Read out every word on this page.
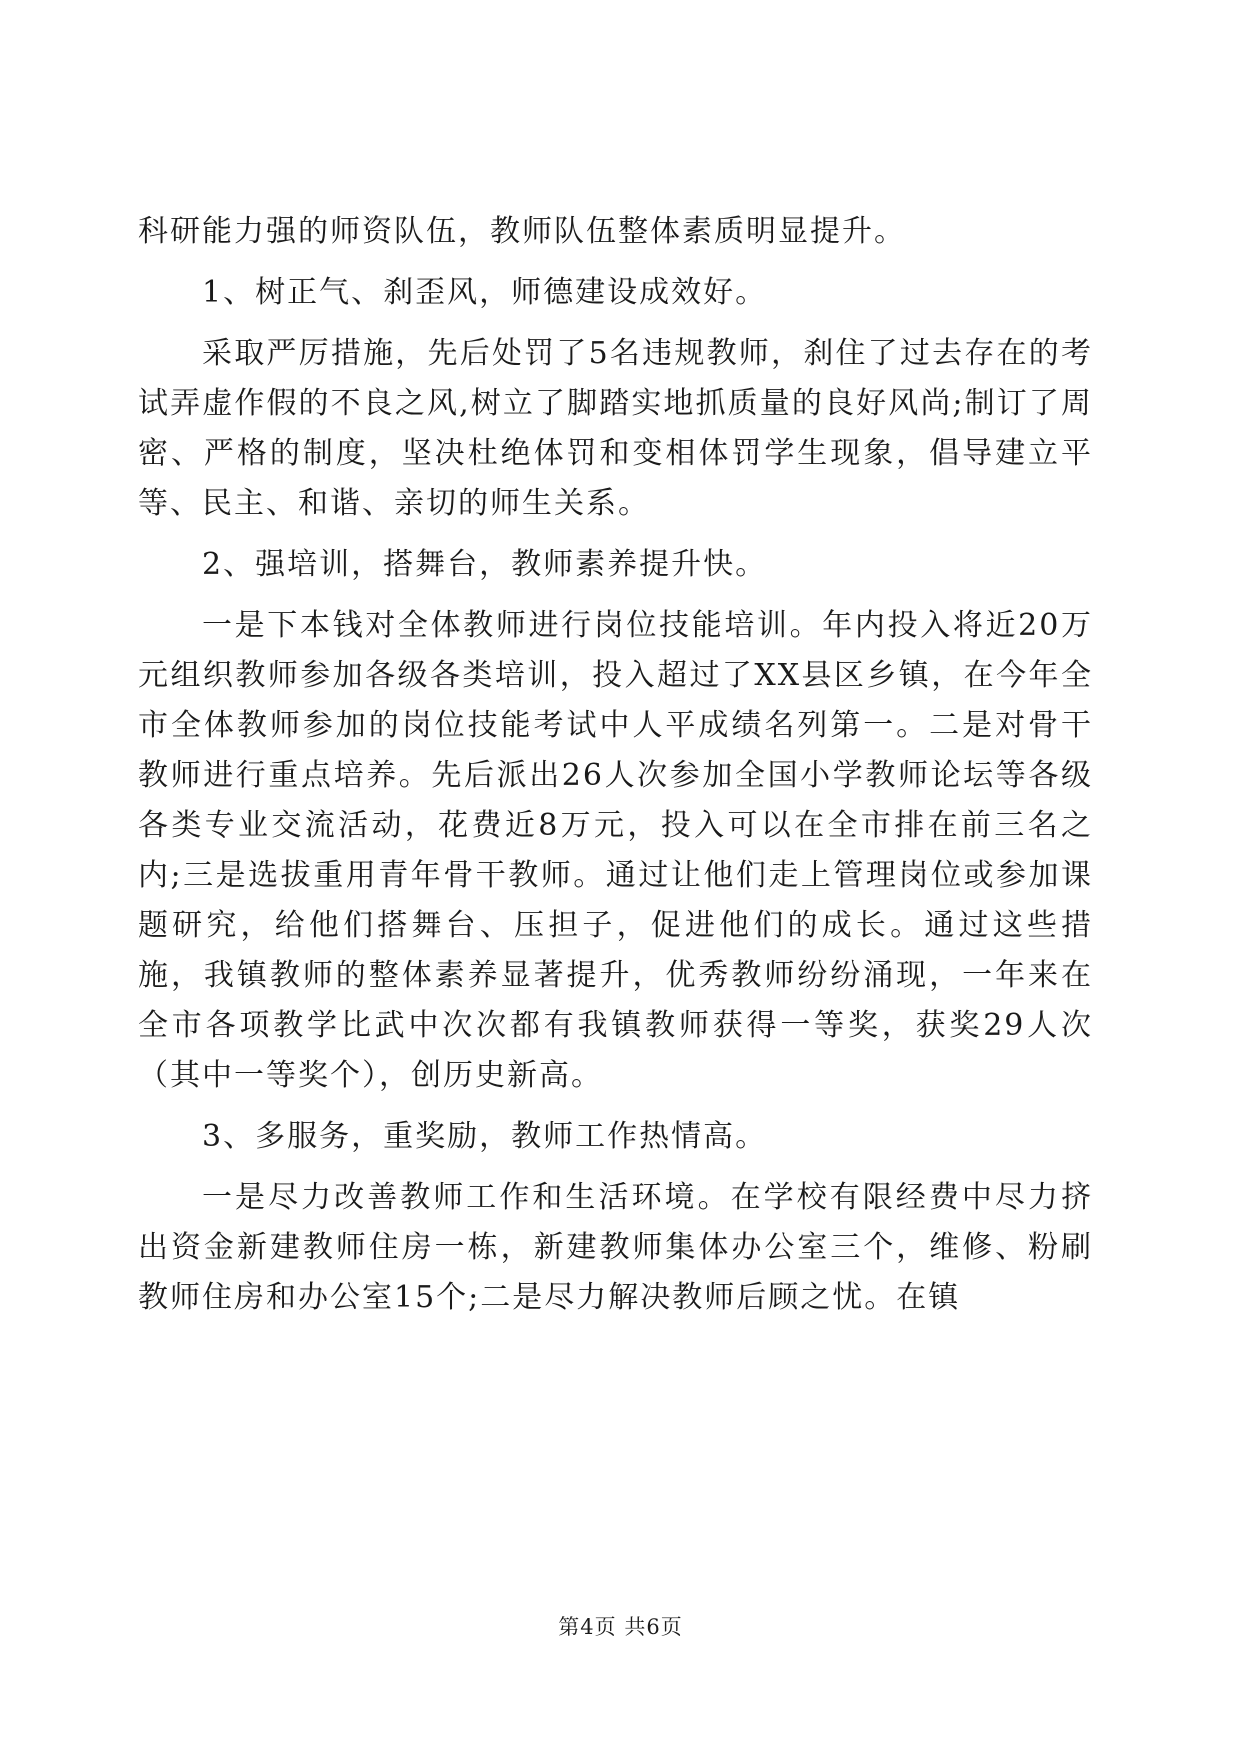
科研能力强的师资队伍，教师队伍整体素质明显提升。

1、树正气、刹歪风，师德建设成效好。

采取严厉措施，先后处罚了5名违规教师，刹住了过去存在的考试弄虚作假的不良之风,树立了脚踏实地抓质量的良好风尚;制订了周密、严格的制度，坚决杜绝体罚和变相体罚学生现象，倡导建立平等、民主、和谐、亲切的师生关系。

2、强培训，搭舞台，教师素养提升快。

一是下本钱对全体教师进行岗位技能培训。年内投入将近20万元组织教师参加各级各类培训，投入超过了XX县区乡镇，在今年全市全体教师参加的岗位技能考试中人平成绩名列第一。二是对骨干教师进行重点培养。先后派出26人次参加全国小学教师论坛等各级各类专业交流活动，花费近8万元，投入可以在全市排在前三名之内;三是选拔重用青年骨干教师。通过让他们走上管理岗位或参加课题研究，给他们搭舞台、压担子，促进他们的成长。通过这些措施，我镇教师的整体素养显著提升，优秀教师纷纷涌现，一年来在全市各项教学比武中次次都有我镇教师获得一等奖，获奖29人次（其中一等奖个），创历史新高。

3、多服务，重奖励，教师工作热情高。

一是尽力改善教师工作和生活环境。在学校有限经费中尽力挤出资金新建教师住房一栋，新建教师集体办公室三个，维修、粉刷教师住房和办公室15个;二是尽力解决教师后顾之忧。在镇

第4页 共6页
